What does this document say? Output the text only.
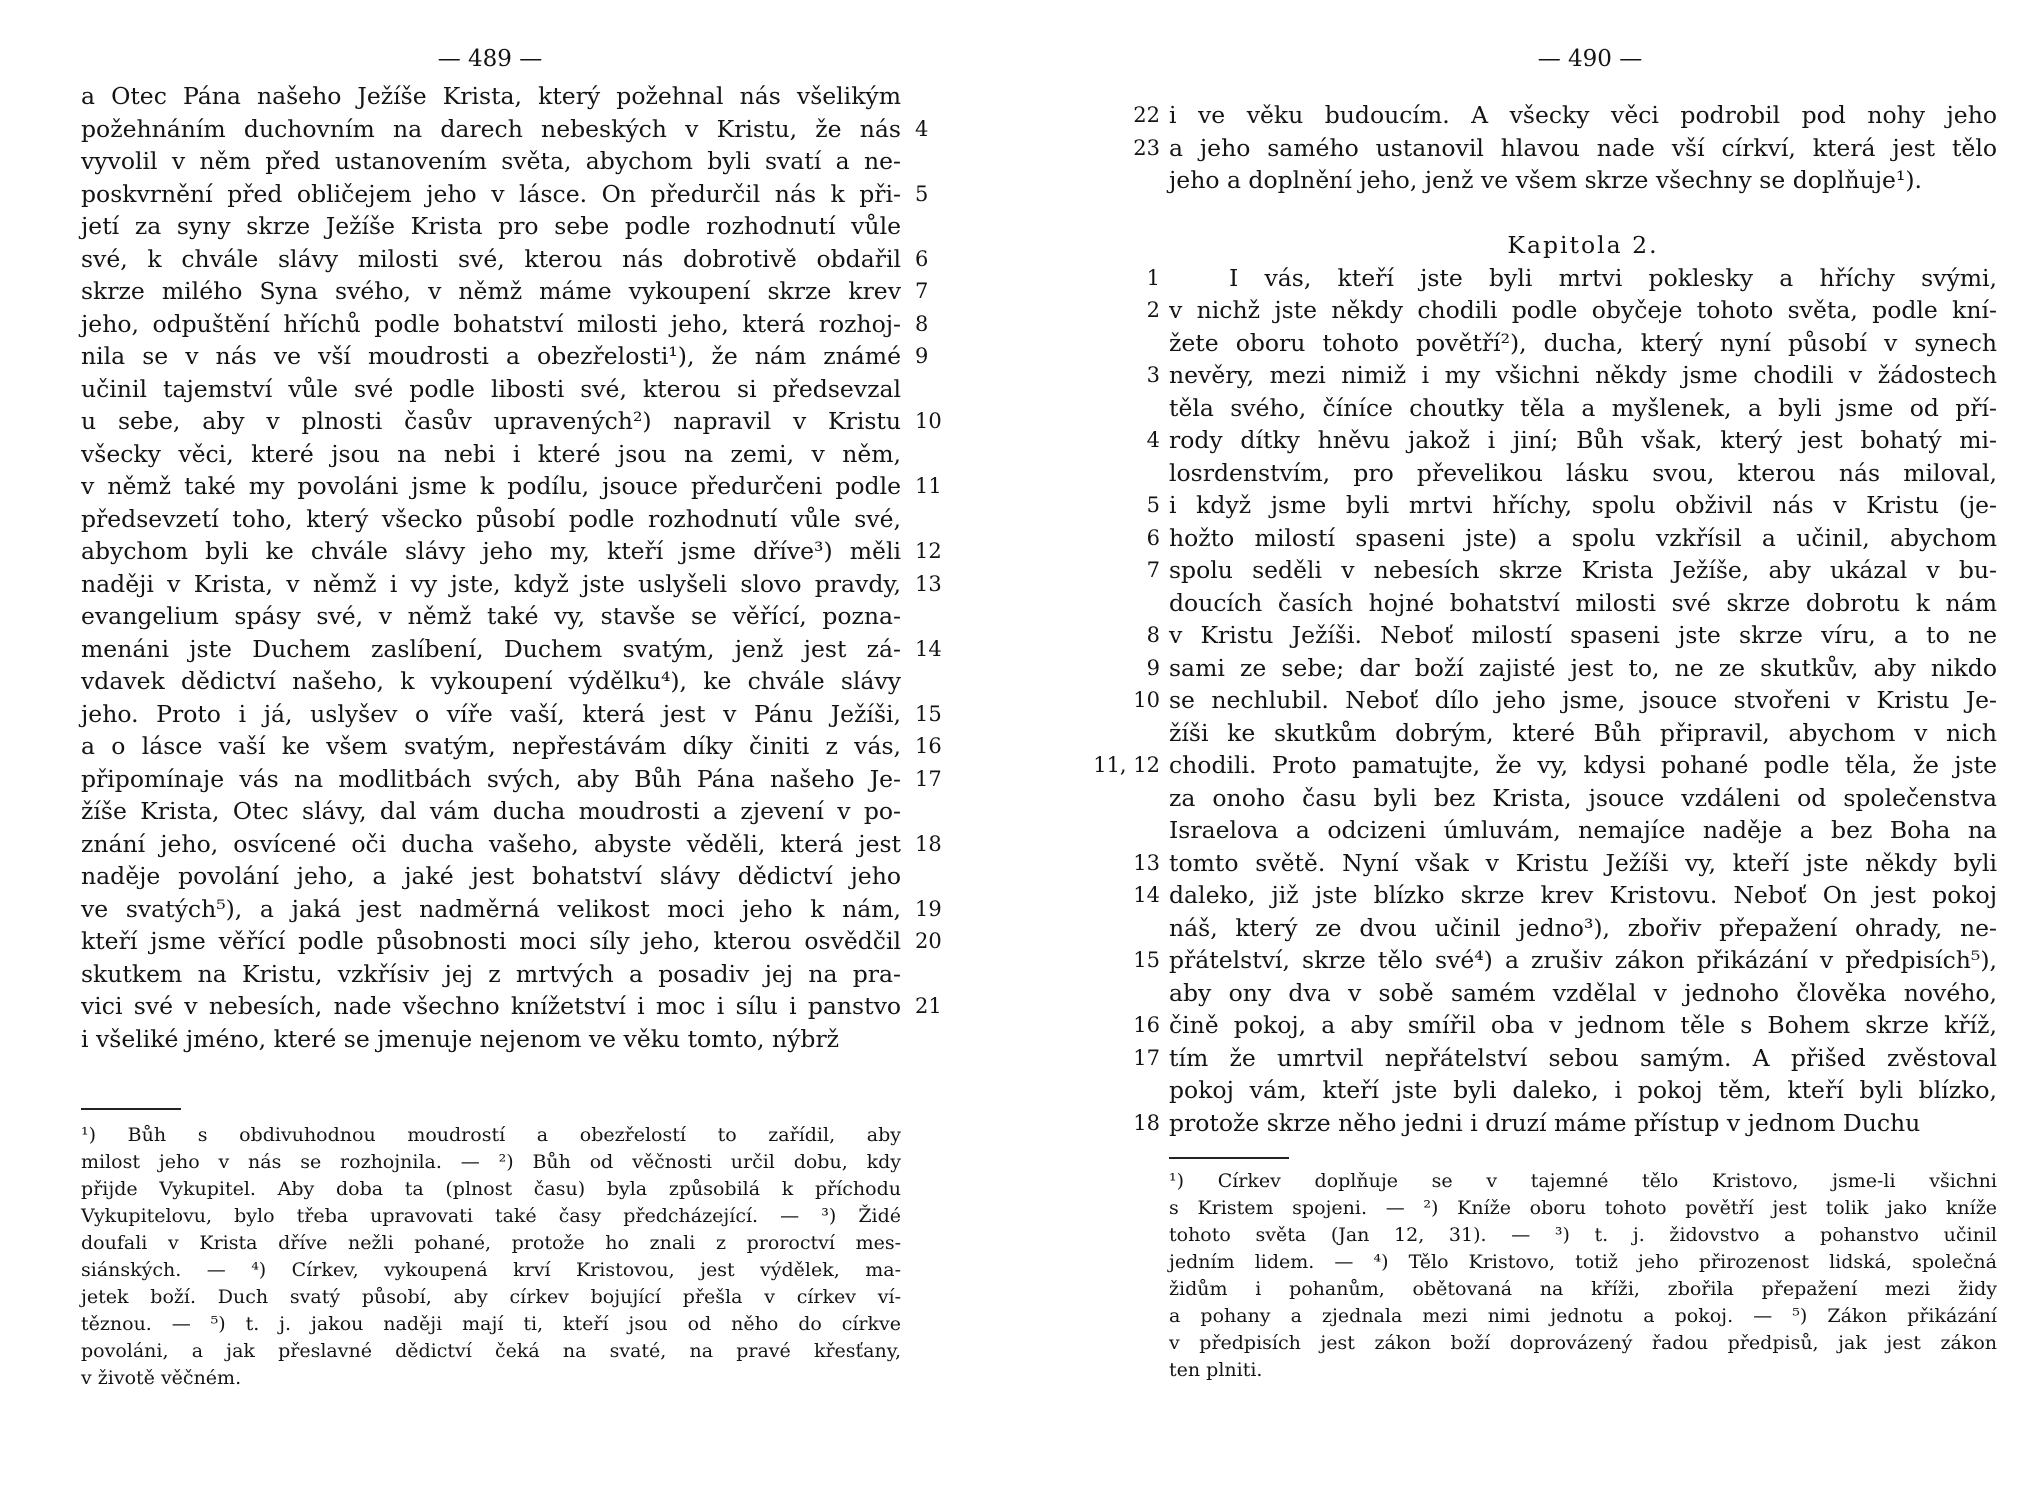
— 489 —
a Otec Pána našeho Ježíše Krista, který požehnal nás všelikým
požehnáním duchovním na darech nebeských v Kristu, že nás 4
vyvolil v něm před ustanovením světa, abychom byli svatí a ne-
poskvrnění před obličejem jeho v lásce. On předurčil nás k při- 5
jetí za syny skrze Ježíše Krista pro sebe podle rozhodnutí vůle
své, k chvále slávy milosti své, kterou nás dobrotivě obdařil 6
skrze milého Syna svého, v němž máme vykoupení skrze krev 7
jeho, odpuštění hříchů podle bohatství milosti jeho, která rozhoj- 8
nila se v nás ve vší moudrosti a obezřelosti¹), že nám známé 9
učinil tajemství vůle své podle libosti své, kterou si předsevzal
u sebe, aby v plnosti časův upravených²) napravil v Kristu 10
všecky věci, které jsou na nebi i které jsou na zemi, v něm,
v němž také my povoláni jsme k podílu, jsouce předurčeni podle 11
předsevzetí toho, který všecko působí podle rozhodnutí vůle své,
abychom byli ke chvále slávy jeho my, kteří jsme dříve³) měli 12
naději v Krista, v němž i vy jste, když jste uslyšeli slovo pravdy, 13
evangelium spásy své, v němž také vy, stavše se věřící, pozna-
menáni jste Duchem zaslíbení, Duchem svatým, jenž jest zá- 14
vdavek dědictví našeho, k vykoupení výdělku⁴), ke chvále slávy
jeho. Proto i já, uslyšev o víře vaší, která jest v Pánu Ježíši, 15
a o lásce vaší ke všem svatým, nepřestávám díky činiti z vás, 16
připomínaje vás na modlitbách svých, aby Bůh Pána našeho Je- 17
žíše Krista, Otec slávy, dal vám ducha moudrosti a zjevení v po-
znání jeho, osvícené oči ducha vašeho, abyste věděli, která jest 18
naděje povolání jeho, a jaké jest bohatství slávy dědictví jeho
ve svatých⁵), a jaká jest nadměrná velikost moci jeho k nám, 19
kteří jsme věřící podle působnosti moci síly jeho, kterou osvědčil 20
skutkem na Kristu, vzkřísiv jej z mrtvých a posadiv jej na pra-
vici své v nebesích, nade všechno knížetství i moc i sílu i panstvo 21
i všeliké jméno, které se jmenuje nejenom ve věku tomto, nýbrž
¹) Bůh s obdivuhodnou moudrostí a obezřelostí to zařídil, aby
milost jeho v nás se rozhojnila. — ²) Bůh od věčnosti určil dobu, kdy
přijde Vykupitel. Aby doba ta (plnost času) byla způsobilá k příchodu
Vykupitelovu, bylo třeba upravovati také časy předcházející. — ³) Židé
doufali v Krista dříve nežli pohané, protože ho znali z proroctví mes-
siánských. — ⁴) Církev, vykoupená krví Kristovou, jest výdělek, ma-
jetek boží. Duch svatý působí, aby církev bojující přešla v církev ví-
těznou. — ⁵) t. j. jakou naději mají ti, kteří jsou od něho do církve
povoláni, a jak přeslavné dědictví čeká na svaté, na pravé křesťany,
v životě věčném.
— 490 —
i ve věku budoucím. A všecky věci podrobil pod nohy jeho
22
a jeho samého ustanovil hlavou nade vší církví, která jest tělo
23
jeho a doplnění jeho, jenž ve všem skrze všechny se doplňuje¹).
Kapitola 2.
I vás, kteří jste byli mrtvi poklesky a hříchy svými,
1
v nichž jste někdy chodili podle obyčeje tohoto světa, podle kní-
2
žete oboru tohoto povětří²), ducha, který nyní působí v synech
nevěry, mezi nimiž i my všichni někdy jsme chodili v žádostech
3
těla svého, číníce choutky těla a myšlenek, a byli jsme od pří-
rody dítky hněvu jakož i jiní; Bůh však, který jest bohatý mi-
4
losrdenstvím, pro převelikou lásku svou, kterou nás miloval,
i když jsme byli mrtvi hříchy, spolu obživil nás v Kristu (je-
5
hožto milostí spaseni jste) a spolu vzkřísil a učinil, abychom
6
spolu seděli v nebesích skrze Krista Ježíše, aby ukázal v bu-
7
doucích časích hojné bohatství milosti své skrze dobrotu k nám
v Kristu Ježíši. Neboť milostí spaseni jste skrze víru, a to ne
8
sami ze sebe; dar boží zajisté jest to, ne ze skutkův, aby nikdo
9
se nechlubil. Neboť dílo jeho jsme, jsouce stvořeni v Kristu Je-
10
žíši ke skutkům dobrým, které Bůh připravil, abychom v nich
chodili. Proto pamatujte, že vy, kdysi pohané podle těla, že jste
11, 12
za onoho času byli bez Krista, jsouce vzdáleni od společenstva
Israelova a odcizeni úmluvám, nemajíce naděje a bez Boha na
tomto světě. Nyní však v Kristu Ježíši vy, kteří jste někdy byli
13
daleko, již jste blízko skrze krev Kristovu. Neboť On jest pokoj
14
náš, který ze dvou učinil jedno³), zbořiv přepažení ohrady, ne-
přátelství, skrze tělo své⁴) a zrušiv zákon přikázání v předpisích⁵),
15
aby ony dva v sobě samém vzdělal v jednoho člověka nového,
čině pokoj, a aby smířil oba v jednom těle s Bohem skrze kříž,
16
tím že umrtvil nepřátelství sebou samým. A přišed zvěstoval
17
pokoj vám, kteří jste byli daleko, i pokoj těm, kteří byli blízko,
protože skrze něho jedni i druzí máme přístup v jednom Duchu
18
¹) Církev doplňuje se v tajemné tělo Kristovo, jsme-li všichni
s Kristem spojeni. — ²) Kníže oboru tohoto povětří jest tolik jako kníže
tohoto světa (Jan 12, 31). — ³) t. j. židovstvo a pohanstvo učinil
jedním lidem. — ⁴) Tělo Kristovo, totiž jeho přirozenost lidská, společná
židům i pohanům, obětovaná na kříži, zbořila přepažení mezi židy
a pohany a zjednala mezi nimi jednotu a pokoj. — ⁵) Zákon přikázání
v předpisích jest zákon boží doprovázený řadou předpisů, jak jest zákon
ten plniti.
